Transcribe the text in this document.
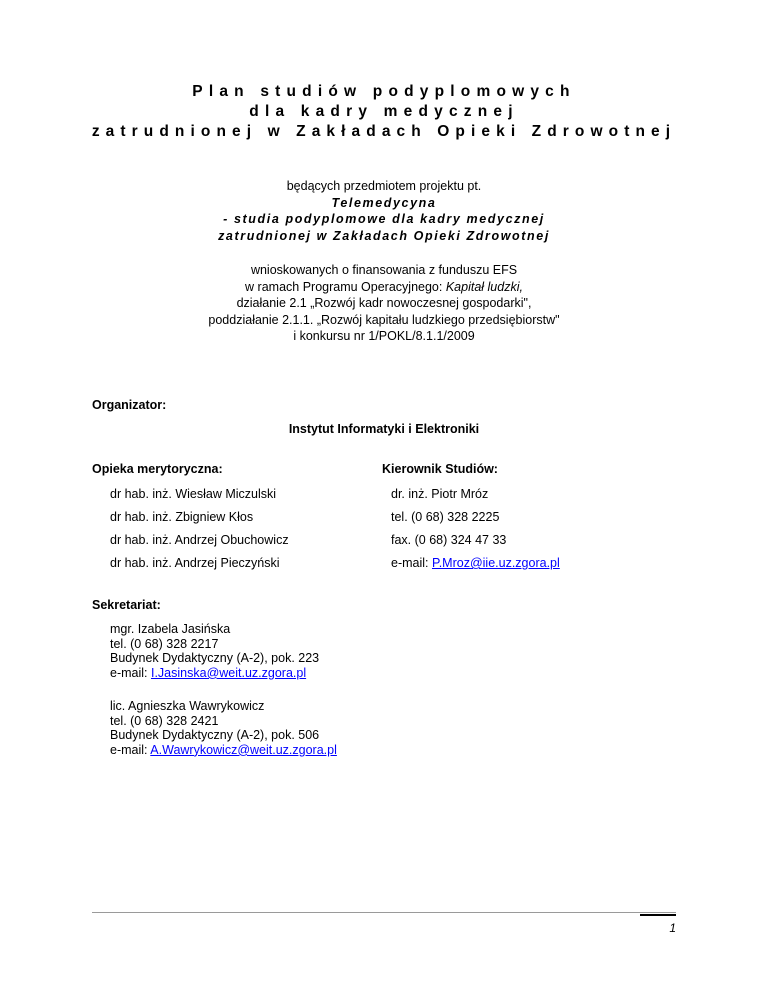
Plan studiów podyplomowych
dla kadry medycznej
zatrudnionej w Zakładach Opieki Zdrowotnej
będących przedmiotem projektu pt.
Telemedycyna
- studia podyplomowe dla kadry medycznej
zatrudnionej w Zakładach Opieki Zdrowotnej
wnioskowanych o finansowania z funduszu EFS
w ramach Programu Operacyjnego: Kapitał ludzki,
działanie 2.1 „Rozwój kadr nowoczesnej gospodarki",
poddziałanie 2.1.1. „Rozwój kapitału ludzkiego przedsiębiorstw"
i konkursu nr 1/POKL/8.1.1/2009
Organizator:
Instytut Informatyki i Elektroniki
Opieka merytoryczna:
dr hab. inż. Wiesław Miczulski
dr hab. inż. Zbigniew Kłos
dr hab. inż. Andrzej Obuchowicz
dr hab. inż. Andrzej Pieczyński
Kierownik Studiów:
dr. inż. Piotr Mróz
tel. (0 68) 328 2225
fax. (0 68) 324 47 33
e-mail: P.Mroz@iie.uz.zgora.pl
Sekretariat:
mgr. Izabela Jasińska
tel. (0 68) 328 2217
Budynek Dydaktyczny (A-2), pok. 223
e-mail: I.Jasinska@weit.uz.zgora.pl
lic. Agnieszka Wawrykowicz
tel. (0 68) 328 2421
Budynek Dydaktyczny (A-2), pok. 506
e-mail: A.Wawrykowicz@weit.uz.zgora.pl
1
